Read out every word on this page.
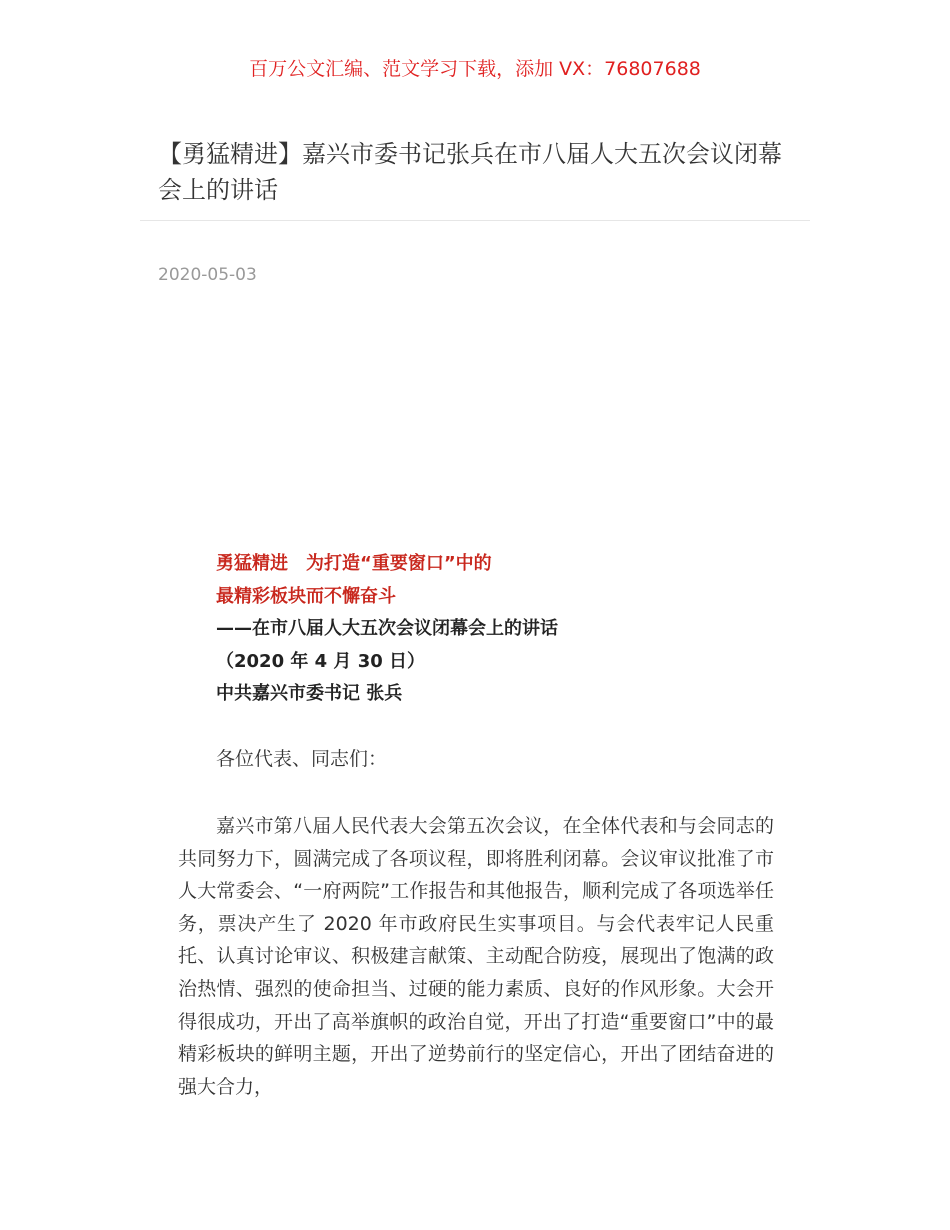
百万公文汇编、范文学习下载，添加 VX：76807688
【勇猛精进】嘉兴市委书记张兵在市八届人大五次会议闭幕会上的讲话
2020-05-03
勇猛精进　为打造“重要窗口”中的
最精彩板块而不懈奋斗
——在市八届人大五次会议闭幕会上的讲话
（2020 年 4 月 30 日）
中共嘉兴市委书记 张兵
各位代表、同志们：

嘉兴市第八届人民代表大会第五次会议，在全体代表和与会同志的共同努力下，圆满完成了各项议程，即将胜利闭幕。会议审议批准了市人大常委会、“一府两院”工作报告和其他报告，顺利完成了各项选举任务，票决产生了 2020 年市政府民生实事项目。与会代表牢记人民重托、认真讨论审议、积极建言献策、主动配合防疫，展现出了饱满的政治热情、强烈的使命担当、过硬的能力素质、良好的作风形象。大会开得很成功，开出了高举旗帜的政治自觉，开出了打造“重要窗口”中的最精彩板块的鲜明主题，开出了逆势前行的坚定信心，开出了团结奋进的强大合力，
